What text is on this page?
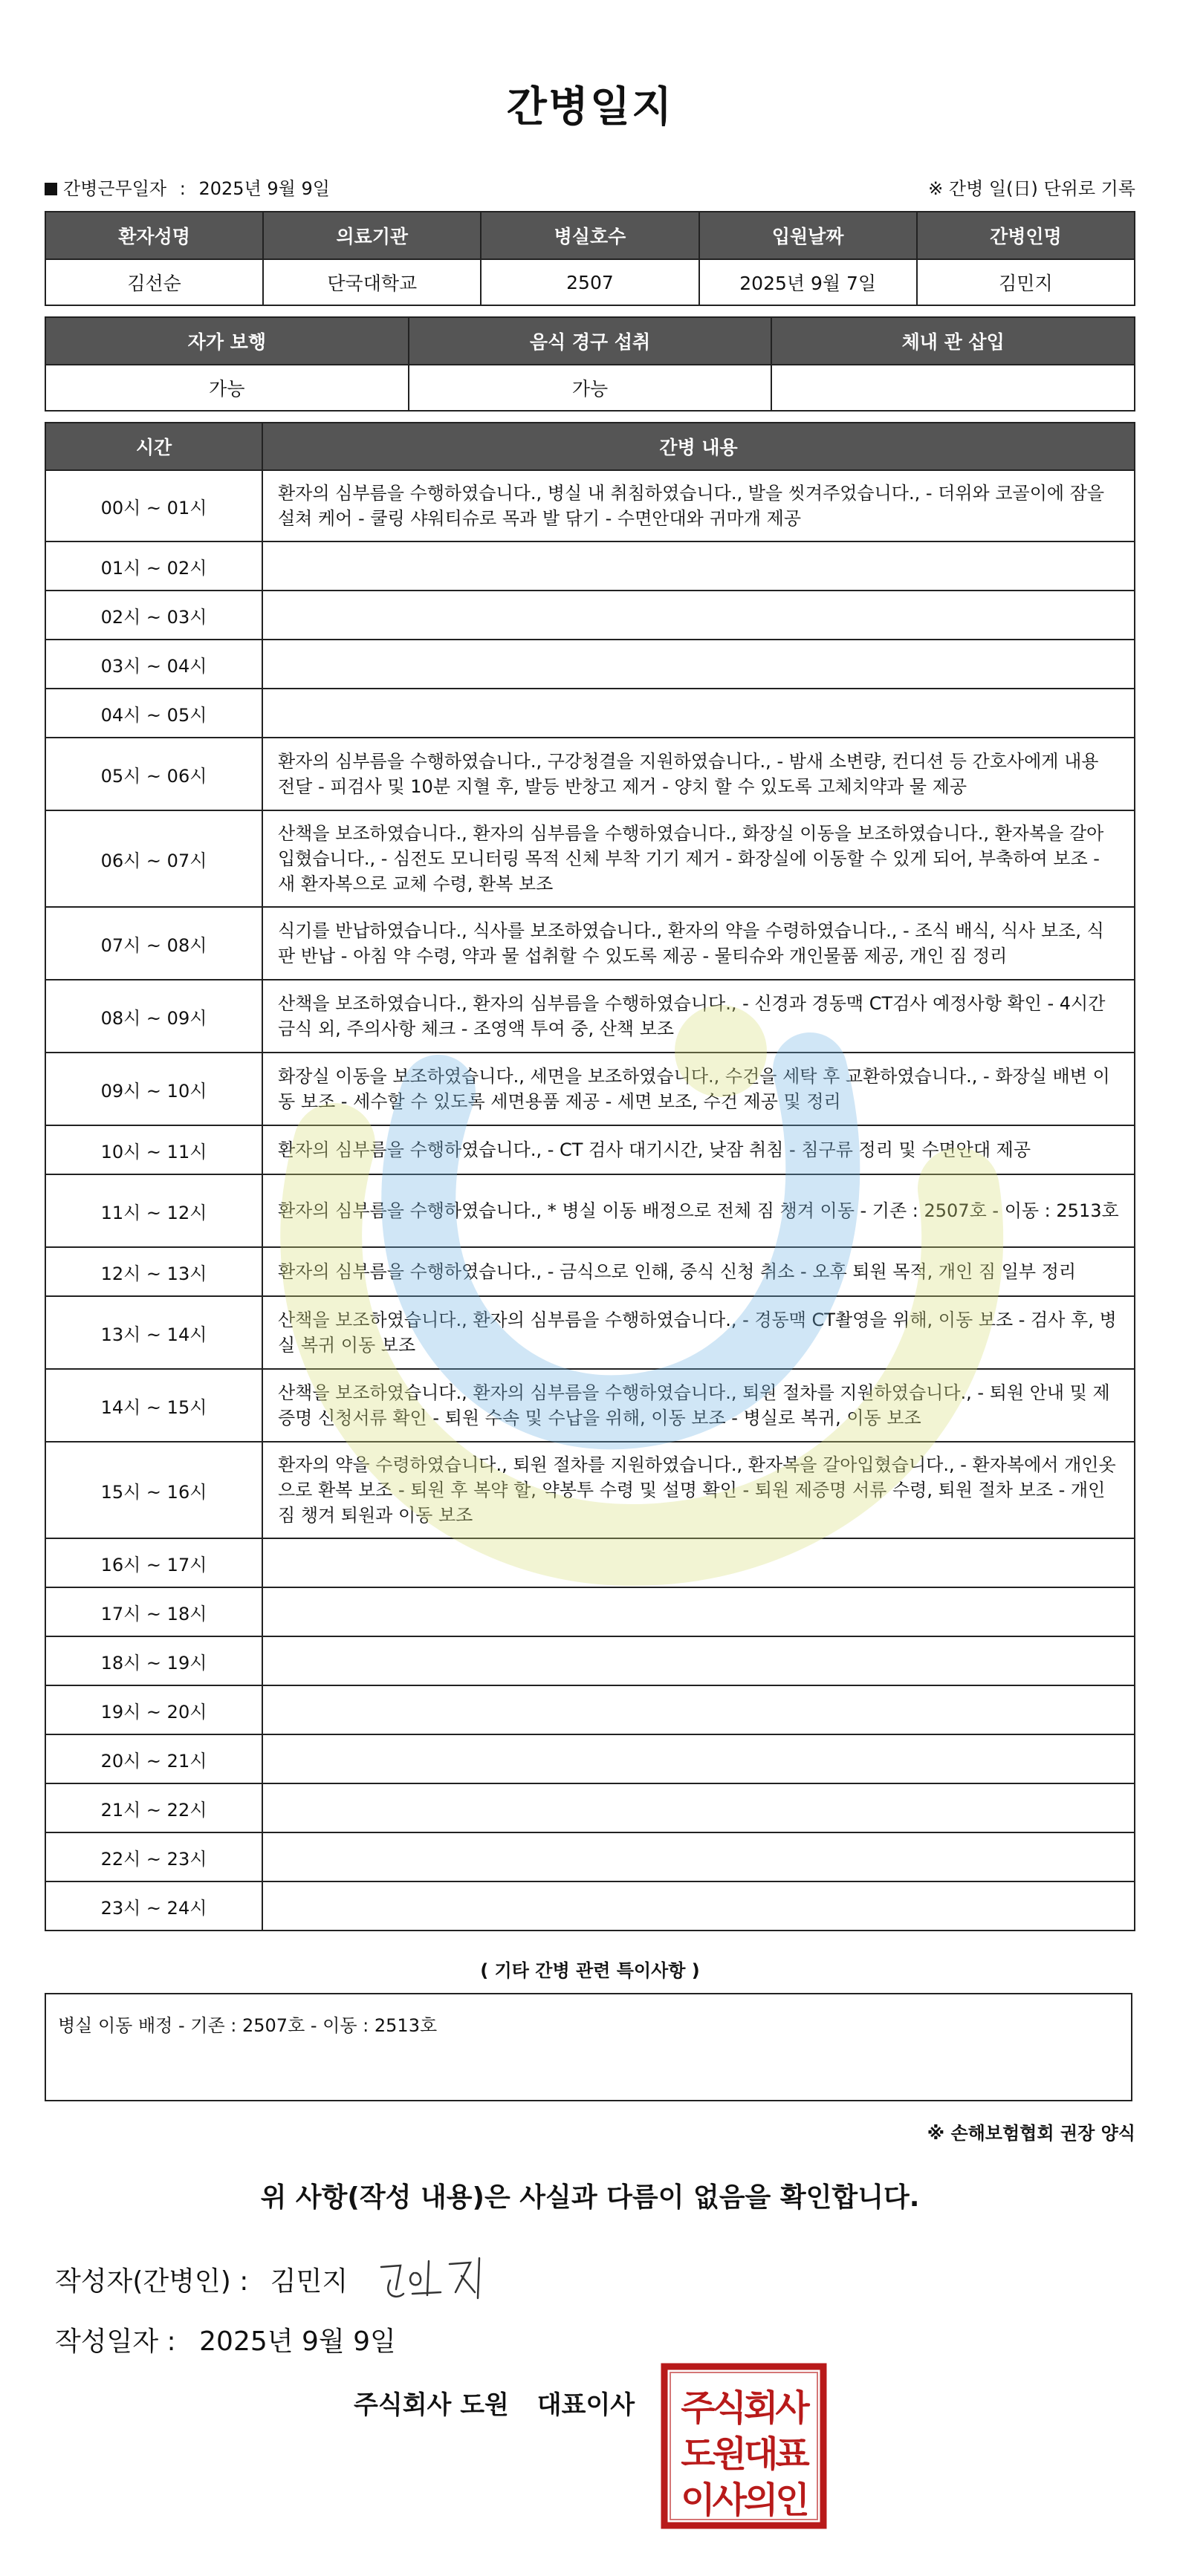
간병일지
간병근무일자 : 2025년 9월 9일	※ 간병 일(日) 단위로 기록
환자성명	의료기관	병실호수	입원날짜	간병인명
김선순	단국대학교	2507	2025년 9월 7일	김민지
자가 보행	음식 경구 섭취	체내 관 삽입
가능	가능	
시간	간병 내용
00시 ~ 01시	환자의 심부름을 수행하였습니다., 병실 내 취침하였습니다., 발을 씻겨주었습니다., - 더위와 코골이에 잠을 설쳐 케어 - 쿨링 샤워티슈로 목과 발 닦기 - 수면안대와 귀마개 제공
01시 ~ 02시	
02시 ~ 03시	
03시 ~ 04시	
04시 ~ 05시	
05시 ~ 06시	환자의 심부름을 수행하였습니다., 구강청결을 지원하였습니다., - 밤새 소변량, 컨디션 등 간호사에게 내용 전달 - 피검사 및 10분 지혈 후, 발등 반창고 제거 - 양치 할 수 있도록 고체치약과 물 제공
06시 ~ 07시	산책을 보조하였습니다., 환자의 심부름을 수행하였습니다., 화장실 이동을 보조하였습니다., 환자복을 갈아입혔습니다., - 심전도 모니터링 목적 신체 부착 기기 제거 - 화장실에 이동할 수 있게 되어, 부축하여 보조 - 새 환자복으로 교체 수령, 환복 보조
07시 ~ 08시	식기를 반납하였습니다., 식사를 보조하였습니다., 환자의 약을 수령하였습니다., - 조식 배식, 식사 보조, 식판 반납 - 아침 약 수령, 약과 물 섭취할 수 있도록 제공 - 물티슈와 개인물품 제공, 개인 짐 정리
08시 ~ 09시	산책을 보조하였습니다., 환자의 심부름을 수행하였습니다., - 신경과 경동맥 CT검사 예정사항 확인 - 4시간 금식 외, 주의사항 체크 - 조영액 투여 중, 산책 보조
09시 ~ 10시	화장실 이동을 보조하였습니다., 세면을 보조하였습니다., 수건을 세탁 후 교환하였습니다., - 화장실 배변 이동 보조 - 세수할 수 있도록 세면용품 제공 - 세면 보조, 수건 제공 및 정리
10시 ~ 11시	환자의 심부름을 수행하였습니다., - CT 검사 대기시간, 낮잠 취침 - 침구류 정리 및 수면안대 제공
11시 ~ 12시	환자의 심부름을 수행하였습니다., * 병실 이동 배정으로 전체 짐 챙겨 이동 - 기존 : 2507호 - 이동 : 2513호
12시 ~ 13시	환자의 심부름을 수행하였습니다., - 금식으로 인해, 중식 신청 취소 - 오후 퇴원 목적, 개인 짐 일부 정리
13시 ~ 14시	산책을 보조하였습니다., 환자의 심부름을 수행하였습니다., - 경동맥 CT촬영을 위해, 이동 보조 - 검사 후, 병실 복귀 이동 보조
14시 ~ 15시	산책을 보조하였습니다., 환자의 심부름을 수행하였습니다., 퇴원 절차를 지원하였습니다., - 퇴원 안내 및 제증명 신청서류 확인 - 퇴원 수속 및 수납을 위해, 이동 보조 - 병실로 복귀, 이동 보조
15시 ~ 16시	환자의 약을 수령하였습니다., 퇴원 절차를 지원하였습니다., 환자복을 갈아입혔습니다., - 환자복에서 개인옷으로 환복 보조 - 퇴원 후 복약 할, 약봉투 수령 및 설명 확인 - 퇴원 제증명 서류 수령, 퇴원 절차 보조 - 개인 짐 챙겨 퇴원과 이동 보조
16시 ~ 17시	
17시 ~ 18시	
18시 ~ 19시	
19시 ~ 20시	
20시 ~ 21시	
21시 ~ 22시	
22시 ~ 23시	
23시 ~ 24시	
( 기타 간병 관련 특이사항 )
병실 이동 배정 - 기존 : 2507호 - 이동 : 2513호
※ 손해보험협회 권장 양식
위 사항(작성 내용)은 사실과 다름이 없음을 확인합니다.
작성자(간병인) : 김민지
작성일자 : 2025년 9월 9일
주식회사 도원 대표이사 주식회사
도원대표
이사의인
